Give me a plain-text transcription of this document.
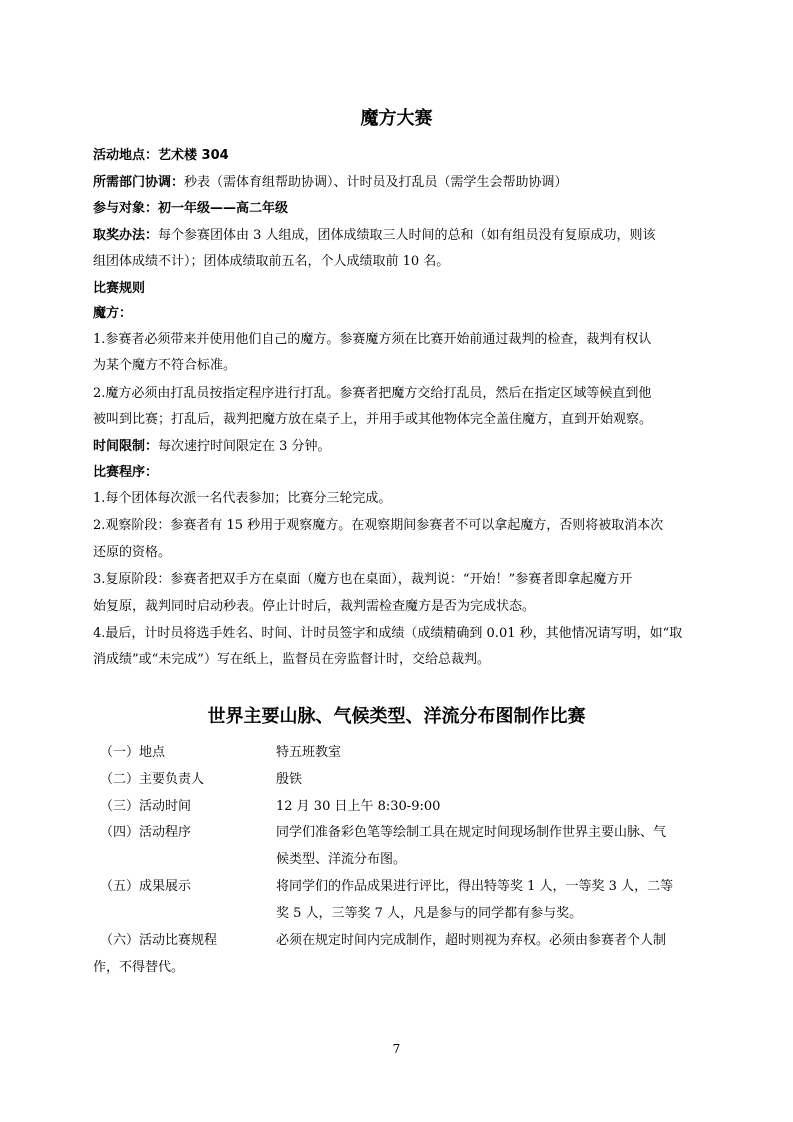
魔方大赛
活动地点：艺术楼 304
所需部门协调：秒表（需体育组帮助协调）、计时员及打乱员（需学生会帮助协调）
参与对象：初一年级——高二年级
取奖办法：每个参赛团体由 3 人组成，团体成绩取三人时间的总和（如有组员没有复原成功，则该
组团体成绩不计）；团体成绩取前五名，个人成绩取前 10 名。
比赛规则
魔方：
1.参赛者必须带来并使用他们自己的魔方。参赛魔方须在比赛开始前通过裁判的检查，裁判有权认
为某个魔方不符合标准。
2.魔方必须由打乱员按指定程序进行打乱。参赛者把魔方交给打乱员，然后在指定区域等候直到他
被叫到比赛；打乱后，裁判把魔方放在桌子上，并用手或其他物体完全盖住魔方，直到开始观察。
时间限制：每次速拧时间限定在 3 分钟。
比赛程序：
1.每个团体每次派一名代表参加；比赛分三轮完成。
2.观察阶段：参赛者有 15 秒用于观察魔方。在观察期间参赛者不可以拿起魔方，否则将被取消本次
还原的资格。
3.复原阶段：参赛者把双手方在桌面（魔方也在桌面），裁判说：“开始！”参赛者即拿起魔方开
始复原，裁判同时启动秒表。停止计时后，裁判需检查魔方是否为完成状态。
4.最后，计时员将选手姓名、时间、计时员签字和成绩（成绩精确到 0.01 秒，其他情况请写明，如“取
消成绩”或“未完成”）写在纸上，监督员在旁监督计时，交给总裁判。
世界主要山脉、气候类型、洋流分布图制作比赛
（一）地点	特五班教室
（二）主要负责人	殷铁
（三）活动时间	12 月 30 日上午 8:30-9:00
（四）活动程序	同学们准备彩色笔等绘制工具在规定时间现场制作世界主要山脉、气
候类型、洋流分布图。
（五）成果展示	将同学们的作品成果进行评比，得出特等奖 1 人，一等奖 3 人，二等
奖 5 人，三等奖 7 人，凡是参与的同学都有参与奖。
（六）活动比赛规程	必须在规定时间内完成制作，超时则视为弃权。必须由参赛者个人制
作，不得替代。
7
